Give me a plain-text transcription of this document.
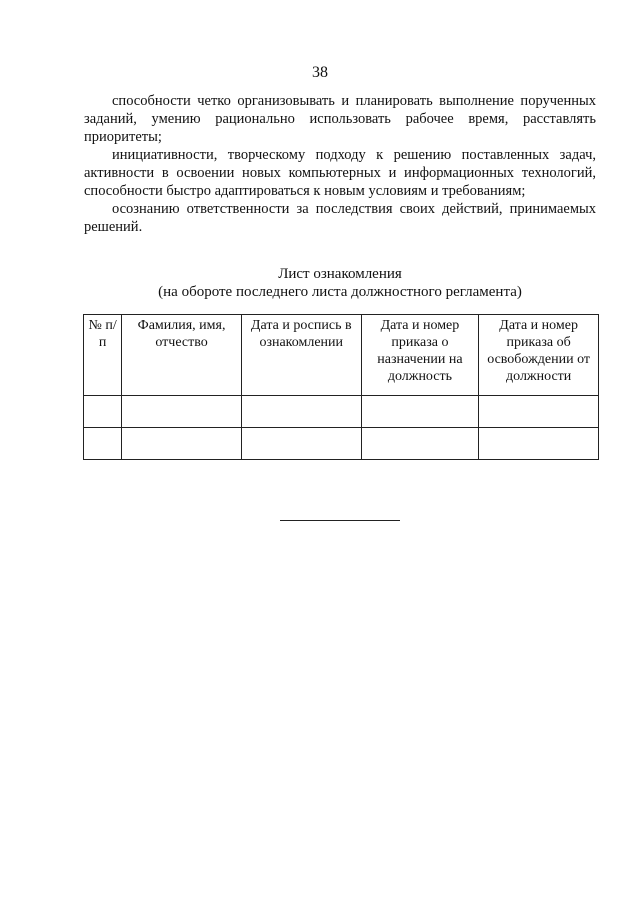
38

способности четко организовывать и планировать выполнение порученных заданий, умению рационально использовать рабочее время, расставлять приоритеты;

инициативности, творческому подходу к решению поставленных задач, активности в освоении новых компьютерных и информационных технологий, способности быстро адаптироваться к новым условиям и требованиям;

осознанию ответственности за последствия своих действий, принимаемых решений.

Лист ознакомления
(на обороте последнего листа должностного регламента)
№ п/п	Фамилия, имя, отчество	Дата и роспись в ознакомлении	Дата и номер приказа о назначении на должность	Дата и номер приказа об освобождении от должности
